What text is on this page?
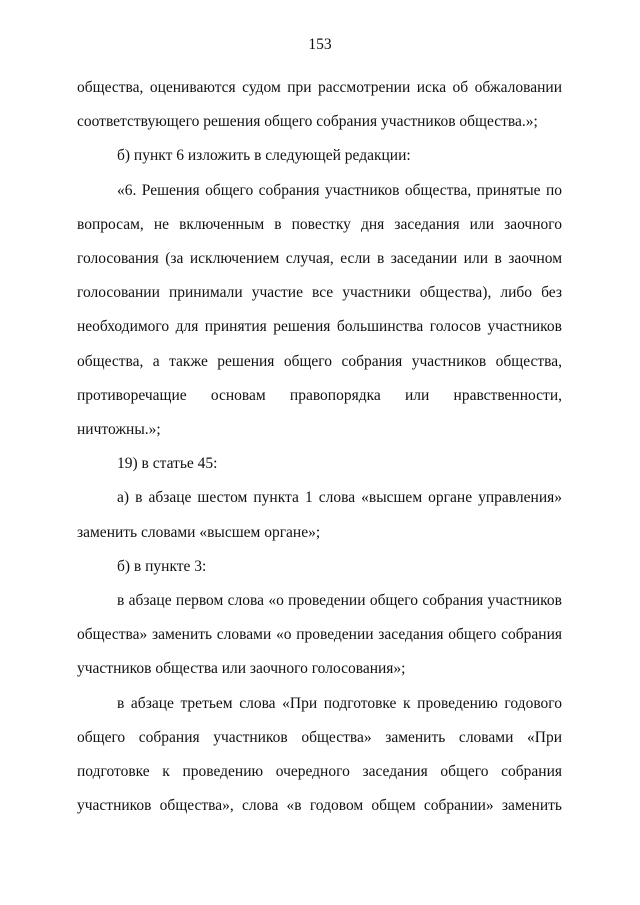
153

общества, оцениваются судом при рассмотрении иска об обжаловании соответствующего решения общего собрания участников общества.»;

б) пункт 6 изложить в следующей редакции:

«6. Решения общего собрания участников общества, принятые по вопросам, не включенным в повестку дня заседания или заочного голосования (за исключением случая, если в заседании или в заочном голосовании принимали участие все участники общества), либо без необходимого для принятия решения большинства голосов участников общества, а также решения общего собрания участников общества, противоречащие основам правопорядка или нравственности, ничтожны.»;

19) в статье 45:

а) в абзаце шестом пункта 1 слова «высшем органе управления» заменить словами «высшем органе»;

б) в пункте 3:

в абзаце первом слова «о проведении общего собрания участников общества» заменить словами «о проведении заседания общего собрания участников общества или заочного голосования»;

в абзаце третьем слова «При подготовке к проведению годового общего собрания участников общества» заменить словами «При подготовке к проведению очередного заседания общего собрания участников общества», слова «в годовом общем собрании» заменить
